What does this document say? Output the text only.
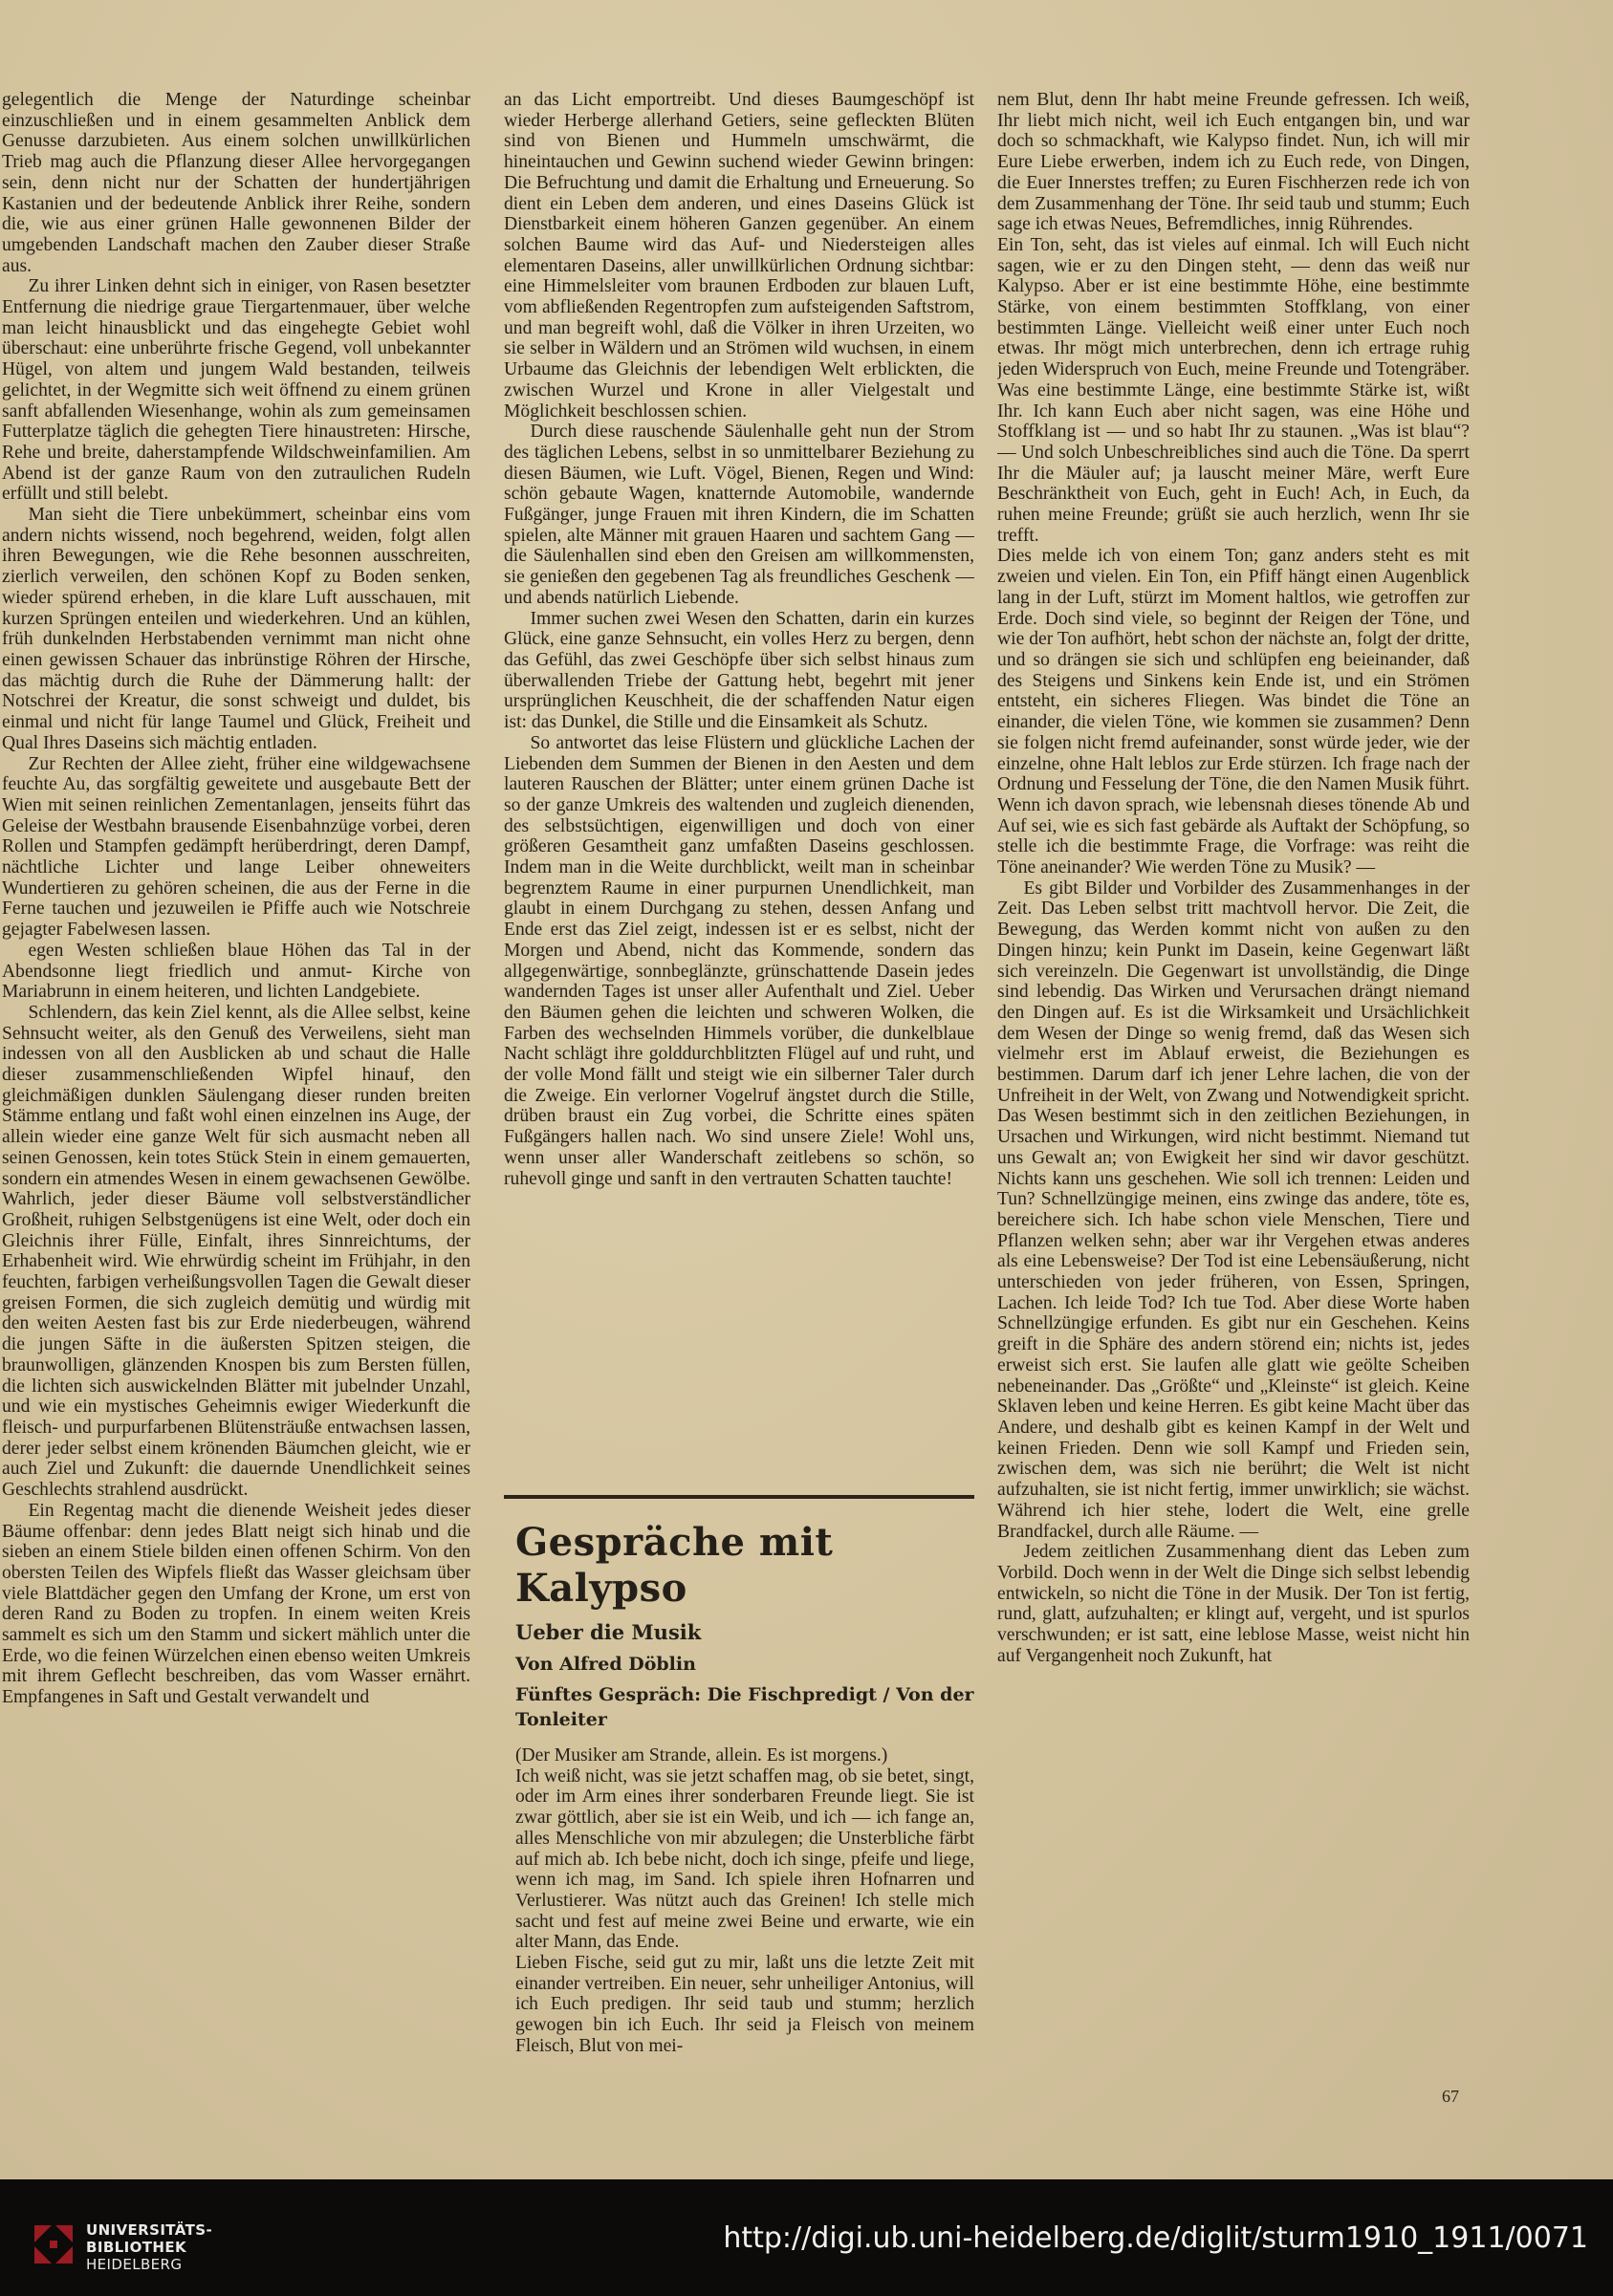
gelegentlich die Menge der Naturdinge scheinbar einzuschließen und in einem gesammelten Anblick dem Genusse darzubieten. Aus einem solchen unwillkürlichen Trieb mag auch die Pflanzung dieser Allee hervorgegangen sein, denn nicht nur der Schatten der hundertjährigen Kastanien und der bedeutende Anblick ihrer Reihe, sondern die, wie aus einer grünen Halle gewonnenen Bilder der umgebenden Landschaft machen den Zauber dieser Straße aus.

Zu ihrer Linken dehnt sich in einiger, von Rasen besetzter Entfernung die niedrige graue Tiergartenmauer, über welche man leicht hinausblickt und das eingehegte Gebiet wohl überschaut: eine unberührte frische Gegend, voll unbekannter Hügel, von altem und jungem Wald bestanden, teilweis gelichtet, in der Wegmitte sich weit öffnend zu einem grünen sanft abfallenden Wiesenhange, wohin als zum gemeinsamen Futterplatze täglich die gehegten Tiere hinaustreten: Hirsche, Rehe und breite, daherstampfende Wildschweinfamilien. Am Abend ist der ganze Raum von den zutraulichen Rudeln erfüllt und still belebt.

Man sieht die Tiere unbekümmert, scheinbar eins vom andern nichts wissend, noch begehrend, weiden, folgt allen ihren Bewegungen, wie die Rehe besonnen ausschreiten, zierlich verweilen, den schönen Kopf zu Boden senken, wieder spürend erheben, in die klare Luft ausschauen, mit kurzen Sprüngen enteilen und wiederkehren. Und an kühlen, früh dunkelnden Herbstabenden vernimmt man nicht ohne einen gewissen Schauer das inbrünstige Röhren der Hirsche, das mächtig durch die Ruhe der Dämmerung hallt: der Notschrei der Kreatur, die sonst schweigt und duldet, bis einmal und nicht für lange Taumel und Glück, Freiheit und Qual Ihres Daseins sich mächtig entladen.

Zur Rechten der Allee zieht, früher eine wildgewachsene feuchte Au, das sorgfältig geweitete und ausgebaute Bett der Wien mit seinen reinlichen Zementanlagen, jenseits führt das Geleise der Westbahn brausende Eisenbahnzüge vorbei, deren Rollen und Stampfen gedämpft herüberdringt, deren Dampf, nächtliche Lichter und lange Leiber ohneweiters Wundertieren zu gehören scheinen, die aus der Ferne in die Ferne tauchen und jezuweilen ie Pfiffe auch wie Notschreie gejagter Fabelwesen lassen.

egen Westen schließen blaue Höhen das Tal in der Abendsonne liegt friedlich und anmut- Kirche von Mariabrunn in einem heiteren, und lichten Landgebiete.

Schlendern, das kein Ziel kennt, als die Allee selbst, keine Sehnsucht weiter, als den Genuß des Verweilens, sieht man indessen von all den Ausblicken ab und schaut die Halle dieser zusammenschließenden Wipfel hinauf, den gleichmäßigen dunklen Säulengang dieser runden breiten Stämme entlang und faßt wohl einen einzelnen ins Auge, der allein wieder eine ganze Welt für sich ausmacht neben all seinen Genossen, kein totes Stück Stein in einem gemauerten, sondern ein atmendes Wesen in einem gewachsenen Gewölbe. Wahrlich, jeder dieser Bäume voll selbstverständlicher Großheit, ruhigen Selbstgenügens ist eine Welt, oder doch ein Gleichnis ihrer Fülle, Einfalt, ihres Sinnreichtums, der Erhabenheit wird. Wie ehrwürdig scheint im Frühjahr, in den feuchten, farbigen verheißungsvollen Tagen die Gewalt dieser greisen Formen, die sich zugleich demütig und würdig mit den weiten Aesten fast bis zur Erde niederbeugen, während die jungen Säfte in die äußersten Spitzen steigen, die braunwolligen, glänzenden Knospen bis zum Bersten füllen, die lichten sich auswickelnden Blätter mit jubelnder Unzahl, und wie ein mystisches Geheimnis ewiger Wiederkunft die fleisch- und purpurfarbenen Blütensträuße entwachsen lassen, derer jeder selbst einem krönenden Bäumchen gleicht, wie er auch Ziel und Zukunft: die dauernde Unendlichkeit seines Geschlechts strahlend ausdrückt.

Ein Regentag macht die dienende Weisheit jedes dieser Bäume offenbar: denn jedes Blatt neigt sich hinab und die sieben an einem Stiele bilden einen offenen Schirm. Von den obersten Teilen des Wipfels fließt das Wasser gleichsam über viele Blattdächer gegen den Umfang der Krone, um erst von deren Rand zu Boden zu tropfen. In einem weiten Kreis sammelt es sich um den Stamm und sickert mählich unter die Erde, wo die feinen Würzelchen einen ebenso weiten Umkreis mit ihrem Geflecht beschreiben, das vom Wasser ernährt. Empfangenes in Saft und Gestalt verwandelt und

an das Licht emportreibt. Und dieses Baumgeschöpf ist wieder Herberge allerhand Getiers, seine gefleckten Blüten sind von Bienen und Hummeln umschwärmt, die hineintauchen und Gewinn suchend wieder Gewinn bringen: Die Befruchtung und damit die Erhaltung und Erneuerung. So dient ein Leben dem anderen, und eines Daseins Glück ist Dienstbarkeit einem höheren Ganzen gegenüber. An einem solchen Baume wird das Auf- und Niedersteigen alles elementaren Daseins, aller unwillkürlichen Ordnung sichtbar: eine Himmelsleiter vom braunen Erdboden zur blauen Luft, vom abfließenden Regentropfen zum aufsteigenden Saftstrom, und man begreift wohl, daß die Völker in ihren Urzeiten, wo sie selber in Wäldern und an Strömen wild wuchsen, in einem Urbaume das Gleichnis der lebendigen Welt erblickten, die zwischen Wurzel und Krone in aller Vielgestalt und Möglichkeit beschlossen schien.

Durch diese rauschende Säulenhalle geht nun der Strom des täglichen Lebens, selbst in so unmittelbarer Beziehung zu diesen Bäumen, wie Luft. Vögel, Bienen, Regen und Wind: schön gebaute Wagen, knatternde Automobile, wandernde Fußgänger, junge Frauen mit ihren Kindern, die im Schatten spielen, alte Männer mit grauen Haaren und sachtem Gang — die Säulenhallen sind eben den Greisen am willkommensten, sie genießen den gegebenen Tag als freundliches Geschenk — und abends natürlich Liebende.

Immer suchen zwei Wesen den Schatten, darin ein kurzes Glück, eine ganze Sehnsucht, ein volles Herz zu bergen, denn das Gefühl, das zwei Geschöpfe über sich selbst hinaus zum überwallenden Triebe der Gattung hebt, begehrt mit jener ursprünglichen Keuschheit, die der schaffenden Natur eigen ist: das Dunkel, die Stille und die Einsamkeit als Schutz.

So antwortet das leise Flüstern und glückliche Lachen der Liebenden dem Summen der Bienen in den Aesten und dem lauteren Rauschen der Blätter; unter einem grünen Dache ist so der ganze Umkreis des waltenden und zugleich dienenden, des selbstsüchtigen, eigenwilligen und doch von einer größeren Gesamtheit ganz umfaßten Daseins geschlossen. Indem man in die Weite durchblickt, weilt man in scheinbar begrenztem Raume in einer purpurnen Unendlichkeit, man glaubt in einem Durchgang zu stehen, dessen Anfang und Ende erst das Ziel zeigt, indessen ist er es selbst, nicht der Morgen und Abend, nicht das Kommende, sondern das allgegenwärtige, sonnbeglänzte, grünschattende Dasein jedes wandernden Tages ist unser aller Aufenthalt und Ziel. Ueber den Bäumen gehen die leichten und schweren Wolken, die Farben des wechselnden Himmels vorüber, die dunkelblaue Nacht schlägt ihre golddurchblitzten Flügel auf und ruht, und der volle Mond fällt und steigt wie ein silberner Taler durch die Zweige. Ein verlorner Vogelruf ängstet durch die Stille, drüben braust ein Zug vorbei, die Schritte eines späten Fußgängers hallen nach. Wo sind unsere Ziele! Wohl uns, wenn unser aller Wanderschaft zeitlebens so schön, so ruhevoll ginge und sanft in den vertrauten Schatten tauchte!

Gespräche mit Kalypso
Ueber die Musik
Von Alfred Döblin
Fünftes Gespräch: Die Fischpredigt / Von der Tonleiter

(Der Musiker am Strande, allein. Es ist morgens.)

Ich weiß nicht, was sie jetzt schaffen mag, ob sie betet, singt, oder im Arm eines ihrer sonderbaren Freunde liegt. Sie ist zwar göttlich, aber sie ist ein Weib, und ich — ich fange an, alles Menschliche von mir abzulegen; die Unsterbliche färbt auf mich ab. Ich bebe nicht, doch ich singe, pfeife und liege, wenn ich mag, im Sand. Ich spiele ihren Hofnarren und Verlustierer. Was nützt auch das Greinen! Ich stelle mich sacht und fest auf meine zwei Beine und erwarte, wie ein alter Mann, das Ende.

Lieben Fische, seid gut zu mir, laßt uns die letzte Zeit mit einander vertreiben. Ein neuer, sehr unheiliger Antonius, will ich Euch predigen. Ihr seid taub und stumm; herzlich gewogen bin ich Euch. Ihr seid ja Fleisch von meinem Fleisch, Blut von mei-

nem Blut, denn Ihr habt meine Freunde gefressen. Ich weiß, Ihr liebt mich nicht, weil ich Euch entgangen bin, und war doch so schmackhaft, wie Kalypso findet. Nun, ich will mir Eure Liebe erwerben, indem ich zu Euch rede, von Dingen, die Euer Innerstes treffen; zu Euren Fischherzen rede ich von dem Zusammenhang der Töne. Ihr seid taub und stumm; Euch sage ich etwas Neues, Befremdliches, innig Rührendes.

Ein Ton, seht, das ist vieles auf einmal. Ich will Euch nicht sagen, wie er zu den Dingen steht, — denn das weiß nur Kalypso. Aber er ist eine bestimmte Höhe, eine bestimmte Stärke, von einem bestimmten Stoffklang, von einer bestimmten Länge. Vielleicht weiß einer unter Euch noch etwas. Ihr mögt mich unterbrechen, denn ich ertrage ruhig jeden Widerspruch von Euch, meine Freunde und Totengräber. Was eine bestimmte Länge, eine bestimmte Stärke ist, wißt Ihr. Ich kann Euch aber nicht sagen, was eine Höhe und Stoffklang ist — und so habt Ihr zu staunen. „Was ist blau“? — Und solch Unbeschreibliches sind auch die Töne. Da sperrt Ihr die Mäuler auf; ja lauscht meiner Märe, werft Eure Beschränktheit von Euch, geht in Euch! Ach, in Euch, da ruhen meine Freunde; grüßt sie auch herzlich, wenn Ihr sie trefft.

Dies melde ich von einem Ton; ganz anders steht es mit zweien und vielen. Ein Ton, ein Pfiff hängt einen Augenblick lang in der Luft, stürzt im Moment haltlos, wie getroffen zur Erde. Doch sind viele, so beginnt der Reigen der Töne, und wie der Ton aufhört, hebt schon der nächste an, folgt der dritte, und so drängen sie sich und schlüpfen eng beieinander, daß des Steigens und Sinkens kein Ende ist, und ein Strömen entsteht, ein sicheres Fliegen. Was bindet die Töne an einander, die vielen Töne, wie kommen sie zusammen? Denn sie folgen nicht fremd aufeinander, sonst würde jeder, wie der einzelne, ohne Halt leblos zur Erde stürzen. Ich frage nach der Ordnung und Fesselung der Töne, die den Namen Musik führt. Wenn ich davon sprach, wie lebensnah dieses tönende Ab und Auf sei, wie es sich fast gebärde als Auftakt der Schöpfung, so stelle ich die bestimmte Frage, die Vorfrage: was reiht die Töne aneinander? Wie werden Töne zu Musik? —

Es gibt Bilder und Vorbilder des Zusammenhanges in der Zeit. Das Leben selbst tritt machtvoll hervor. Die Zeit, die Bewegung, das Werden kommt nicht von außen zu den Dingen hinzu; kein Punkt im Dasein, keine Gegenwart läßt sich vereinzeln. Die Gegenwart ist unvollständig, die Dinge sind lebendig. Das Wirken und Verursachen drängt niemand den Dingen auf. Es ist die Wirksamkeit und Ursächlichkeit dem Wesen der Dinge so wenig fremd, daß das Wesen sich vielmehr erst im Ablauf erweist, die Beziehungen es bestimmen. Darum darf ich jener Lehre lachen, die von der Unfreiheit in der Welt, von Zwang und Notwendigkeit spricht. Das Wesen bestimmt sich in den zeitlichen Beziehungen, in Ursachen und Wirkungen, wird nicht bestimmt. Niemand tut uns Gewalt an; von Ewigkeit her sind wir davor geschützt. Nichts kann uns geschehen. Wie soll ich trennen: Leiden und Tun? Schnellzüngige meinen, eins zwinge das andere, töte es, bereichere sich. Ich habe schon viele Menschen, Tiere und Pflanzen welken sehn; aber war ihr Vergehen etwas anderes als eine Lebensweise? Der Tod ist eine Lebensäußerung, nicht unterschieden von jeder früheren, von Essen, Springen, Lachen. Ich leide Tod? Ich tue Tod. Aber diese Worte haben Schnellzüngige erfunden. Es gibt nur ein Geschehen. Keins greift in die Sphäre des andern störend ein; nichts ist, jedes erweist sich erst. Sie laufen alle glatt wie geölte Scheiben nebeneinander. Das „Größte“ und „Kleinste“ ist gleich. Keine Sklaven leben und keine Herren. Es gibt keine Macht über das Andere, und deshalb gibt es keinen Kampf in der Welt und keinen Frieden. Denn wie soll Kampf und Frieden sein, zwischen dem, was sich nie berührt; die Welt ist nicht aufzuhalten, sie ist nicht fertig, immer unwirklich; sie wächst. Während ich hier stehe, lodert die Welt, eine grelle Brandfackel, durch alle Räume. —

Jedem zeitlichen Zusammenhang dient das Leben zum Vorbild. Doch wenn in der Welt die Dinge sich selbst lebendig entwickeln, so nicht die Töne in der Musik. Der Ton ist fertig, rund, glatt, aufzuhalten; er klingt auf, vergeht, und ist spurlos verschwunden; er ist satt, eine leblose Masse, weist nicht hin auf Vergangenheit noch Zukunft, hat

67
UNIVERSITÄTS-
BIBLIOTHEK
HEIDELBERG
http://digi.ub.uni-heidelberg.de/diglit/sturm1910_1911/0071
